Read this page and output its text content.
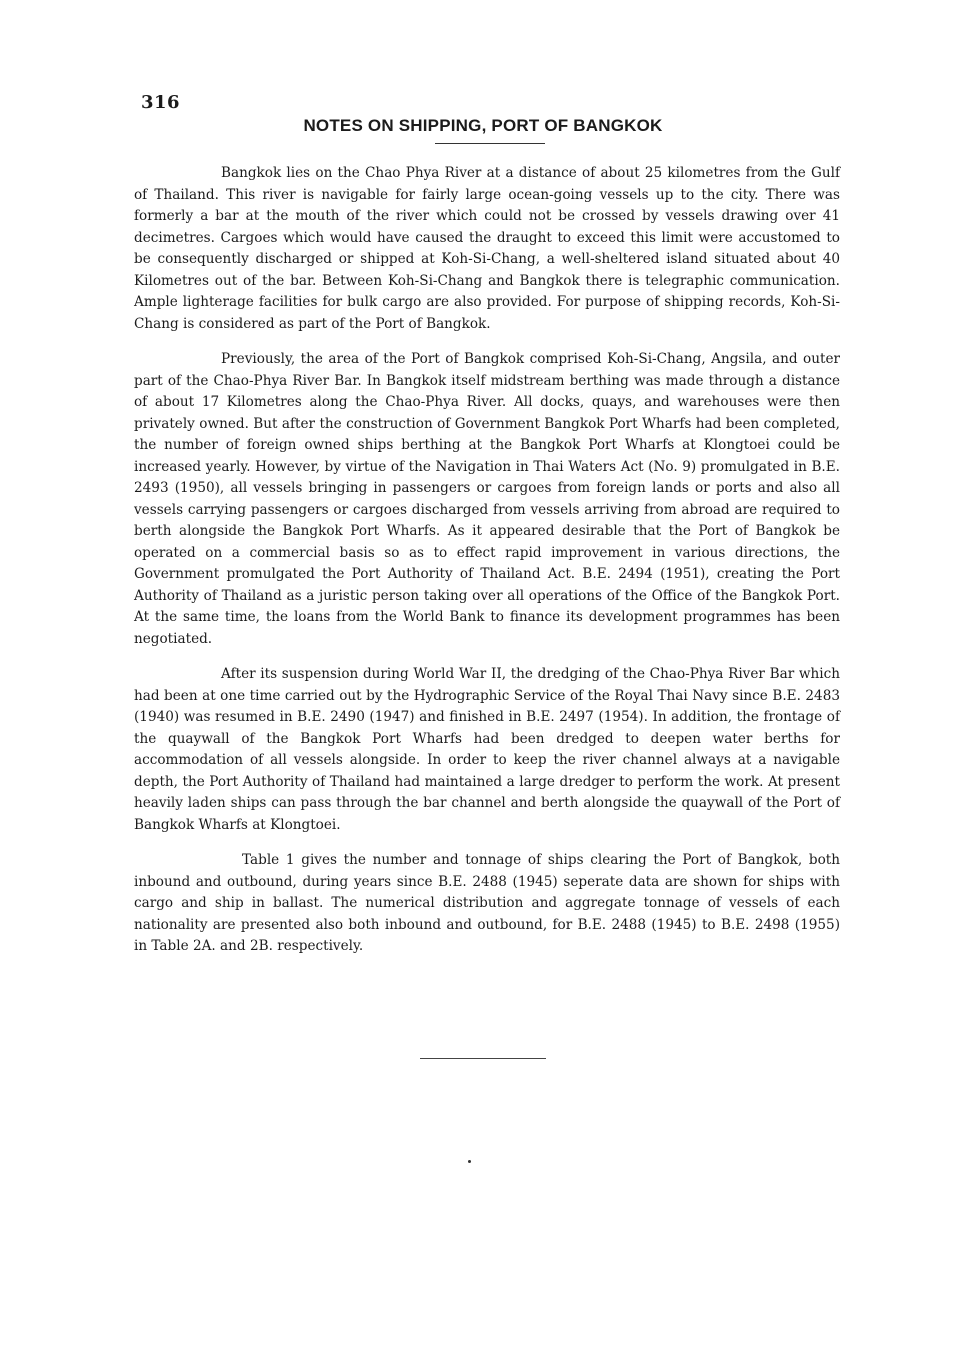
316
NOTES ON SHIPPING, PORT OF BANGKOK

Bangkok lies on the Chao Phya River at a distance of about 25 kilometres from the Gulf of Thailand. This river is navigable for fairly large ocean-going vessels up to the city. There was formerly a bar at the mouth of the river which could not be crossed by vessels drawing over 41 decimetres. Cargoes which would have caused the draught to exceed this limit were accustomed to be consequently discharged or shipped at Koh-Si-Chang, a well-sheltered island situated about 40 Kilometres out of the bar. Between Koh-Si-Chang and Bangkok there is telegraphic communication. Ample lighterage facilities for bulk cargo are also provided. For purpose of shipping records, Koh-Si-Chang is considered as part of the Port of Bangkok.

Previously, the area of the Port of Bangkok comprised Koh-Si-Chang, Angsila, and outer part of the Chao-Phya River Bar. In Bangkok itself midstream berthing was made through a distance of about 17 Kilometres along the Chao-Phya River. All docks, quays, and warehouses were then privately owned. But after the construction of Government Bangkok Port Wharfs had been completed, the number of foreign owned ships berthing at the Bangkok Port Wharfs at Klongtoei could be increased yearly. However, by virtue of the Navigation in Thai Waters Act (No. 9) promulgated in B.E. 2493 (1950), all vessels bringing in passengers or cargoes from foreign lands or ports and also all vessels carrying passengers or cargoes discharged from vessels arriving from abroad are required to berth alongside the Bangkok Port Wharfs. As it appeared desirable that the Port of Bangkok be operated on a commercial basis so as to effect rapid improvement in various directions, the Government promulgated the Port Authority of Thailand Act. B.E. 2494 (1951), creating the Port Authority of Thailand as a juristic person taking over all operations of the Office of the Bangkok Port. At the same time, the loans from the World Bank to finance its development programmes has been negotiated.

After its suspension during World War II, the dredging of the Chao-Phya River Bar which had been at one time carried out by the Hydrographic Service of the Royal Thai Navy since B.E. 2483 (1940) was resumed in B.E. 2490 (1947) and finished in B.E. 2497 (1954). In addition, the frontage of the quaywall of the Bangkok Port Wharfs had been dredged to deepen water berths for accommodation of all vessels alongside. In order to keep the river channel always at a navigable depth, the Port Authority of Thailand had maintained a large dredger to perform the work. At present heavily laden ships can pass through the bar channel and berth alongside the quaywall of the Port of Bangkok Wharfs at Klongtoei.

Table 1 gives the number and tonnage of ships clearing the Port of Bangkok, both inbound and outbound, during years since B.E. 2488 (1945) seperate data are shown for ships with cargo and ship in ballast. The numerical distribution and aggregate tonnage of vessels of each nationality are presented also both inbound and outbound, for B.E. 2488 (1945) to B.E. 2498 (1955) in Table 2A. and 2B. respectively.
